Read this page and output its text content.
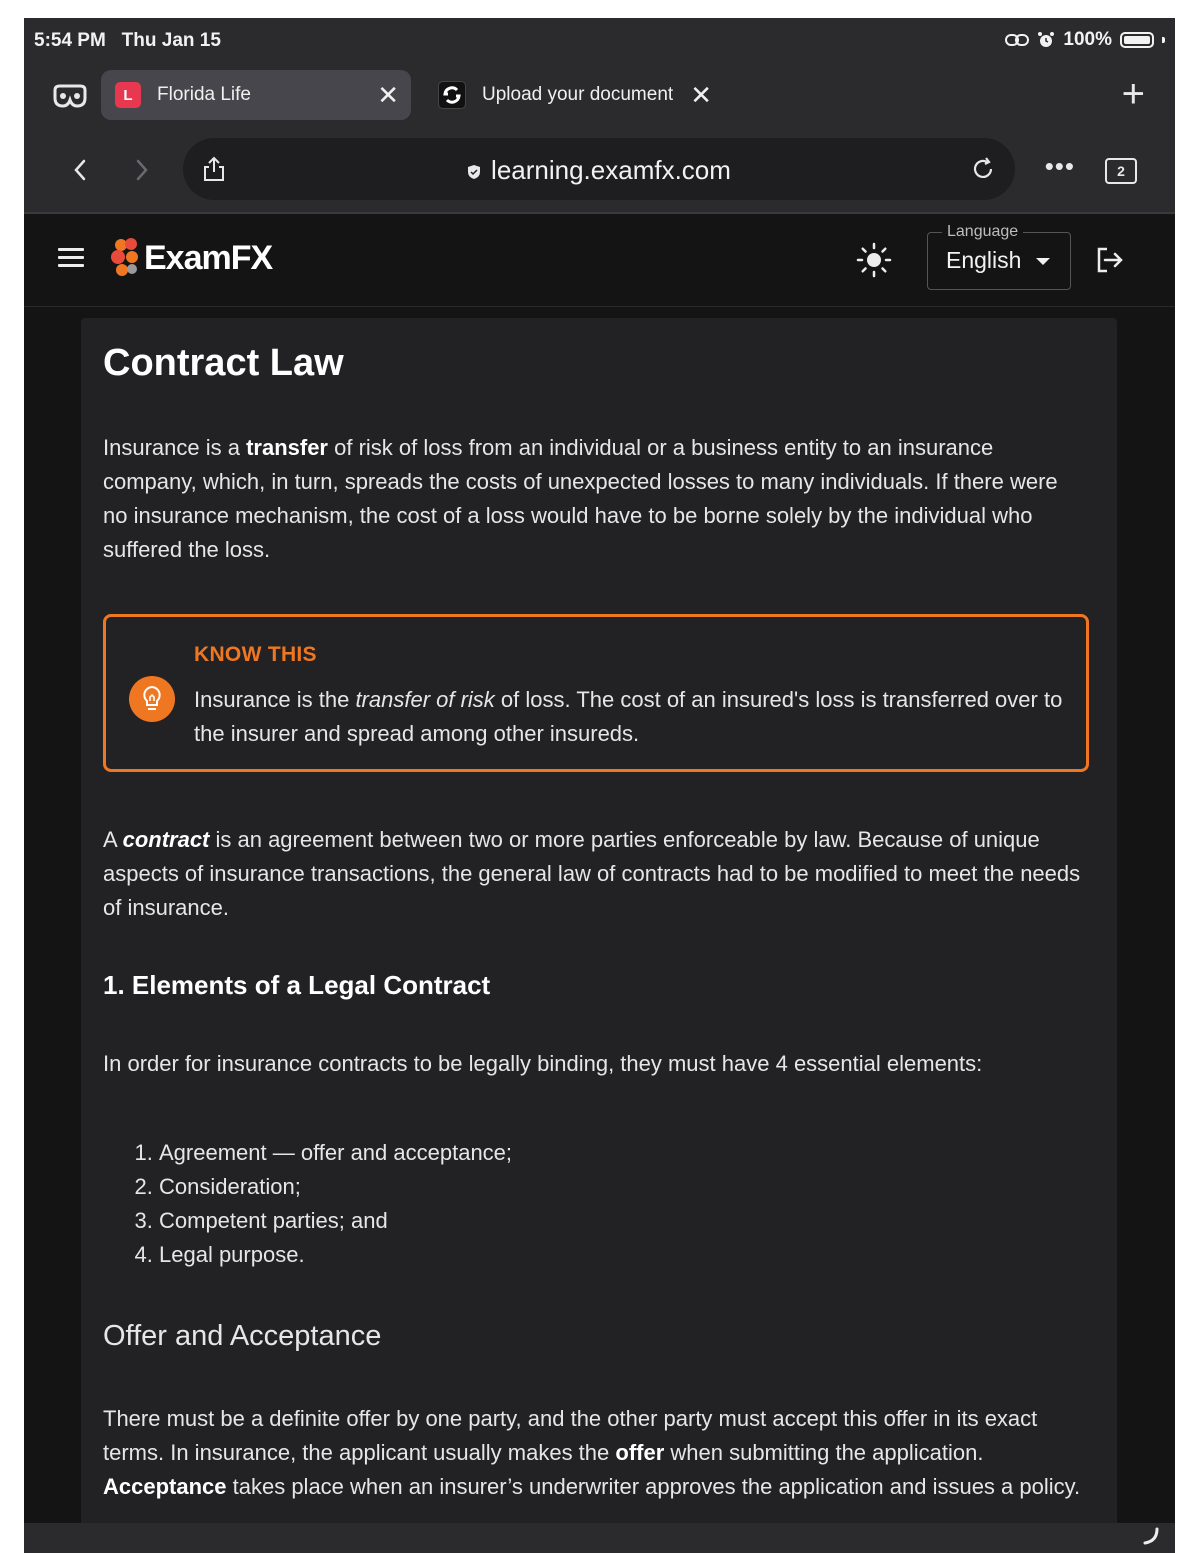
5:54 PM Thu Jan 15	100%
L	Florida Life	✕	Upload your document ✕	+
learning.examfx.com	•••	2
ExamFX
Language
English
Contract Law

Insurance is a transfer of risk of loss from an individual or a business entity to an insurance company, which, in turn, spreads the costs of unexpected losses to many individuals. If there were no insurance mechanism, the cost of a loss would have to be borne solely by the individual who suffered the loss.

KNOW THIS
Insurance is the transfer of risk of loss. The cost of an insured's loss is transferred over to the insurer and spread among other insureds.

A contract is an agreement between two or more parties enforceable by law. Because of unique aspects of insurance transactions, the general law of contracts had to be modified to meet the needs of insurance.

1. Elements of a Legal Contract

In order for insurance contracts to be legally binding, they must have 4 essential elements:

1. Agreement — offer and acceptance;
2. Consideration;
3. Competent parties; and
4. Legal purpose.
Offer and Acceptance

There must be a definite offer by one party, and the other party must accept this offer in its exact terms. In insurance, the applicant usually makes the offer when submitting the application. Acceptance takes place when an insurer’s underwriter approves the application and issues a policy.
